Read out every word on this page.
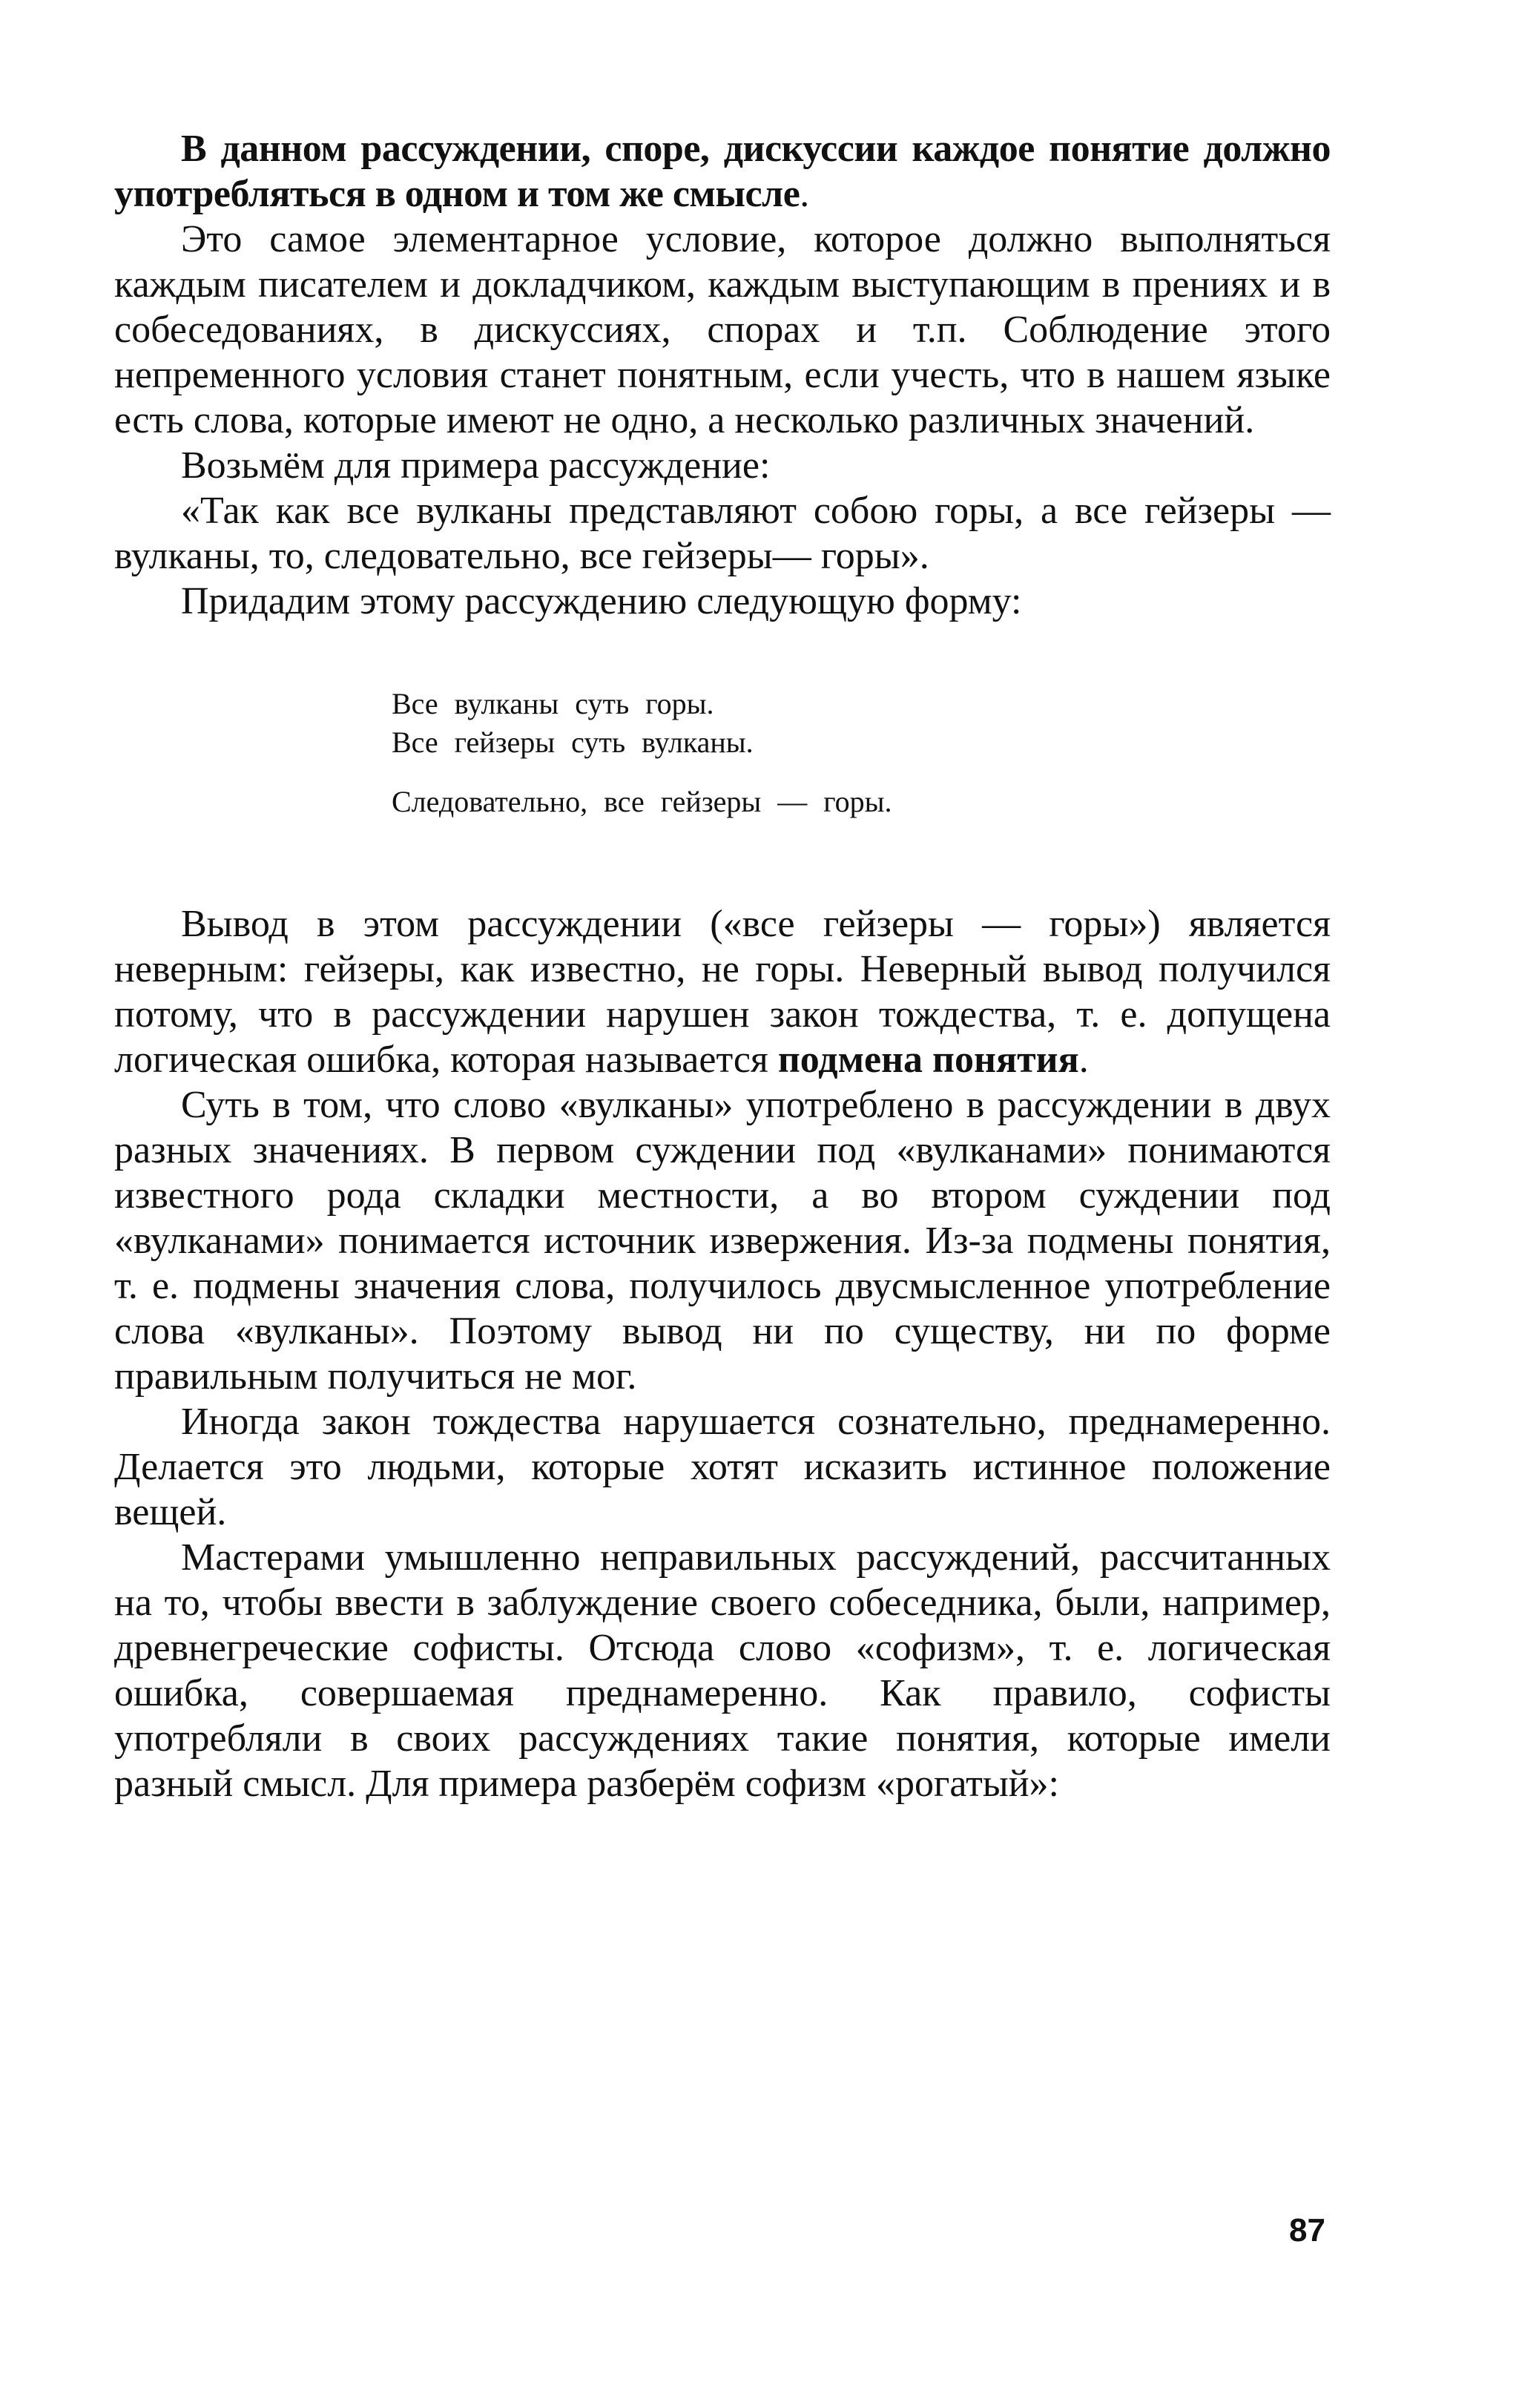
В данном рассуждении, споре, дискуссии каждое понятие должно употребляться в одном и том же смысле.

Это самое элементарное условие, которое должно выполняться каждым писателем и докладчиком, каждым выступающим в прениях и в собеседованиях, в дискуссиях, спорах и т.п. Соблюдение этого непременного условия станет понятным, если учесть, что в нашем языке есть слова, которые имеют не одно, а несколько различных значений.

Возьмём для примера рассуждение:

«Так как все вулканы представляют собою горы, а все гейзеры — вулканы, то, следовательно, все гейзеры— горы».

Придадим этому рассуждению следующую форму:

Все вулканы суть горы.

Все гейзеры суть вулканы.

Следовательно, все гейзеры — горы.

Вывод в этом рассуждении («все гейзеры — горы») является неверным: гейзеры, как известно, не горы. Неверный вывод получился потому, что в рассуждении нарушен закон тождества, т. е. допущена логическая ошибка, которая называется подмена понятия.

Суть в том, что слово «вулканы» употреблено в рассуждении в двух разных значениях. В первом суждении под «вулканами» понимаются известного рода складки местности, а во втором суждении под «вулканами» понимается источник извержения. Из-за подмены понятия, т. е. подмены значения слова, получилось двусмысленное употребление слова «вулканы». Поэтому вывод ни по существу, ни по форме правильным получиться не мог.

Иногда закон тождества нарушается сознательно, преднамеренно. Делается это людьми, которые хотят исказить истинное положение вещей.

Мастерами умышленно неправильных рассуждений, рассчитанных на то, чтобы ввести в заблуждение своего собеседника, были, например, древнегреческие софисты. Отсюда слово «софизм», т. е. логическая ошибка, совершаемая преднамеренно. Как правило, софисты употребляли в своих рассуждениях такие понятия, которые имели разный смысл. Для примера разберём софизм «рогатый»:

87
